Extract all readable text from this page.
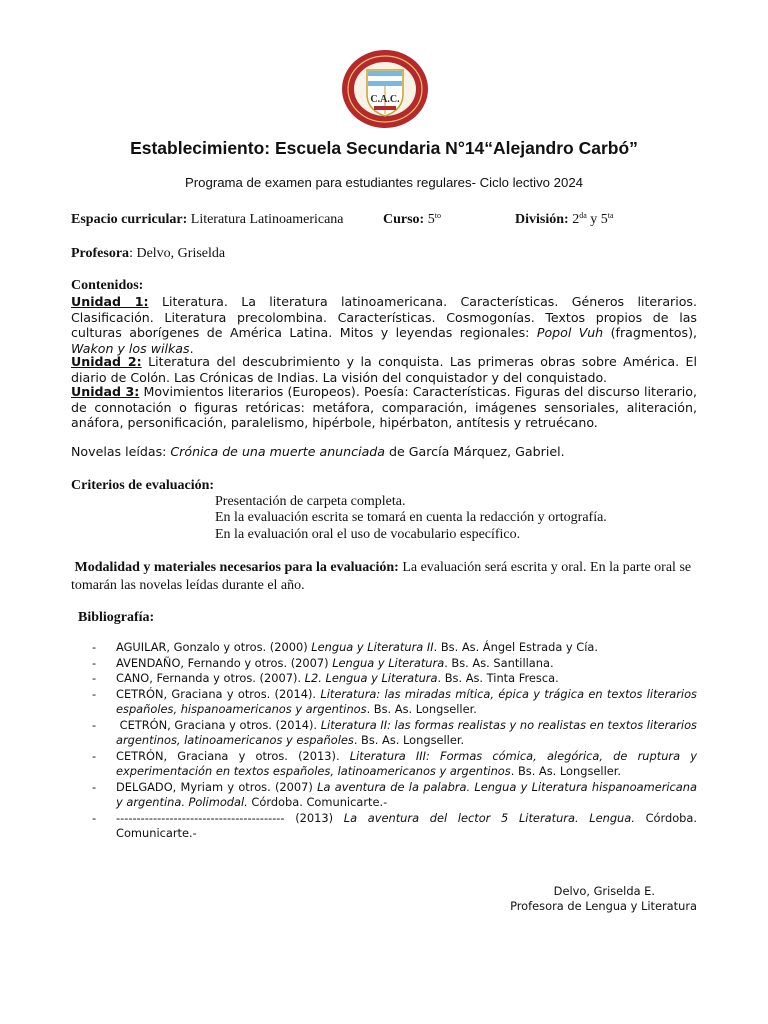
C.A.C.
Establecimiento: Escuela Secundaria N°14“Alejandro Carbó”
Programa de examen para estudiantes regulares- Ciclo lectivo 2024
Espacio curricular: Literatura Latinoamericana	Curso: $5^{to}$	División: $2^{da}$ y $5^{ta}$
Profesora: Delvo, Griselda
Contenidos:
Unidad 1: Literatura. La literatura latinoamericana. Características. Géneros literarios. Clasificación. Literatura precolombina. Características. Cosmogonías. Textos propios de las culturas aborígenes de América Latina. Mitos y leyendas regionales: Popol Vuh (fragmentos), Wakon y los wilkas.
Unidad 2: Literatura del descubrimiento y la conquista. Las primeras obras sobre América. El diario de Colón. Las Crónicas de Indias. La visión del conquistador y del conquistado.
Unidad 3: Movimientos literarios (Europeos). Poesía: Características. Figuras del discurso literario, de connotación o figuras retóricas: metáfora, comparación, imágenes sensoriales, aliteración, anáfora, personificación, paralelismo, hipérbole, hipérbaton, antítesis y retruécano.
Novelas leídas: Crónica de una muerte anunciada de García Márquez, Gabriel.
Criterios de evaluación:
Presentación de carpeta completa.
En la evaluación escrita se tomará en cuenta la redacción y ortografía.
En la evaluación oral el uso de vocabulario específico.
Modalidad y materiales necesarios para la evaluación: La evaluación será escrita y oral. En la parte oral se tomarán las novelas leídas durante el año.
Bibliografía:
- AGUILAR, Gonzalo y otros. (2000) Lengua y Literatura II. Bs. As. Ángel Estrada y Cía.
- AVENDAÑO, Fernando y otros. (2007) Lengua y Literatura. Bs. As. Santillana.
- CANO, Fernanda y otros. (2007). L2. Lengua y Literatura. Bs. As. Tinta Fresca.
- CETRÓN, Graciana y otros. (2014). Literatura: las miradas mítica, épica y trágica en textos literarios españoles, hispanoamericanos y argentinos. Bs. As. Longseller.
- CETRÓN, Graciana y otros. (2014). Literatura II: las formas realistas y no realistas en textos literarios argentinos, latinoamericanos y españoles. Bs. As. Longseller.
- CETRÓN, Graciana y otros. (2013). Literatura III: Formas cómica, alegórica, de ruptura y experimentación en textos españoles, latinoamericanos y argentinos. Bs. As. Longseller.
- DELGADO, Myriam y otros. (2007) La aventura de la palabra. Lengua y Literatura hispanoamericana y argentina. Polimodal. Córdoba. Comunicarte.-
- ----------------------------------------- (2013) La aventura del lector 5 Literatura. Lengua. Córdoba. Comunicarte.-
Delvo, Griselda E.
Profesora de Lengua y Literatura
